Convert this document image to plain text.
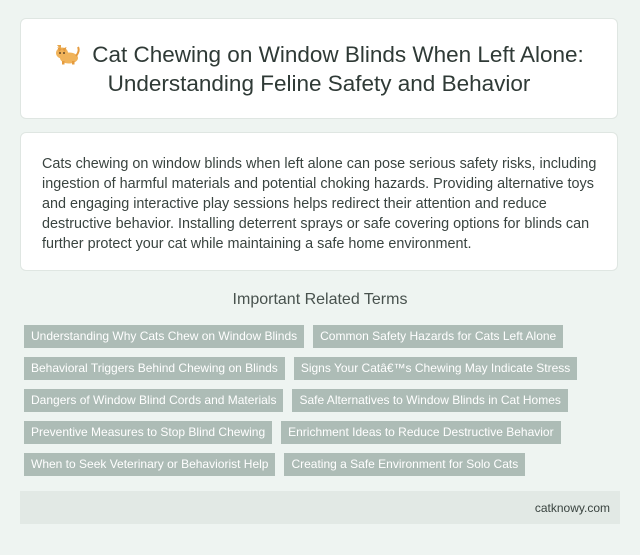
Cat Chewing on Window Blinds When Left Alone: Understanding Feline Safety and Behavior

Cats chewing on window blinds when left alone can pose serious safety risks, including ingestion of harmful materials and potential choking hazards. Providing alternative toys and engaging interactive play sessions helps redirect their attention and reduce destructive behavior. Installing deterrent sprays or safe covering options for blinds can further protect your cat while maintaining a safe home environment.

Important Related Terms
Understanding Why Cats Chew on Window Blinds	Common Safety Hazards for Cats Left Alone
Behavioral Triggers Behind Chewing on Blinds	Signs Your Catâ€™s Chewing May Indicate Stress
Dangers of Window Blind Cords and Materials	Safe Alternatives to Window Blinds in Cat Homes
Preventive Measures to Stop Blind Chewing	Enrichment Ideas to Reduce Destructive Behavior
When to Seek Veterinary or Behaviorist Help	Creating a Safe Environment for Solo Cats
catknowy.com
